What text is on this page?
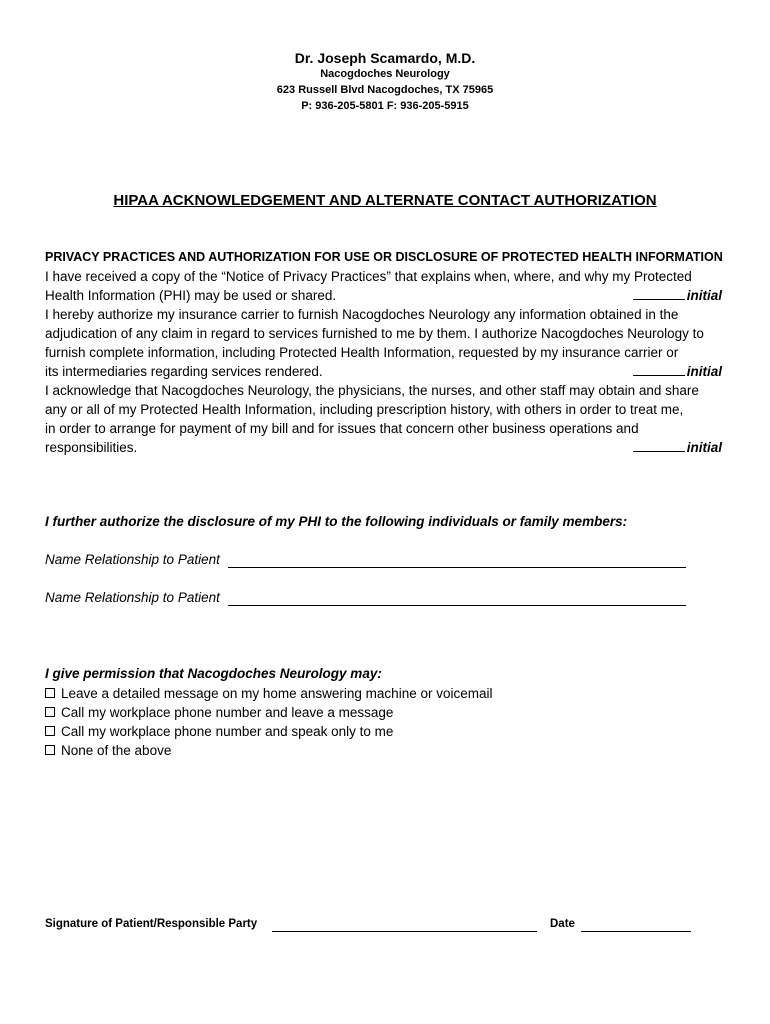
Dr. Joseph Scamardo, M.D.
Nacogdoches Neurology
623 Russell Blvd Nacogdoches, TX 75965
P: 936-205-5801 F: 936-205-5915
HIPAA ACKNOWLEDGEMENT AND ALTERNATE CONTACT AUTHORIZATION
PRIVACY PRACTICES AND AUTHORIZATION FOR USE OR DISCLOSURE OF PROTECTED HEALTH INFORMATION
I have received a copy of the “Notice of Privacy Practices” that explains when, where, and why my Protected
Health Information (PHI) may be used or shared.	initial
I hereby authorize my insurance carrier to furnish Nacogdoches Neurology any information obtained in the
adjudication of any claim in regard to services furnished to me by them. I authorize Nacogdoches Neurology to
furnish complete information, including Protected Health Information, requested by my insurance carrier or
its intermediaries regarding services rendered.	initial
I acknowledge that Nacogdoches Neurology, the physicians, the nurses, and other staff may obtain and share
any or all of my Protected Health Information, including prescription history, with others in order to treat me,
in order to arrange for payment of my bill and for issues that concern other business operations and
responsibilities.	initial
I further authorize the disclosure of my PHI to the following individuals or family members:
Name Relationship to Patient
Name Relationship to Patient
I give permission that Nacogdoches Neurology may:
Leave a detailed message on my home answering machine or voicemail
Call my workplace phone number and leave a message
Call my workplace phone number and speak only to me
None of the above
Signature of Patient/Responsible Party	Date
